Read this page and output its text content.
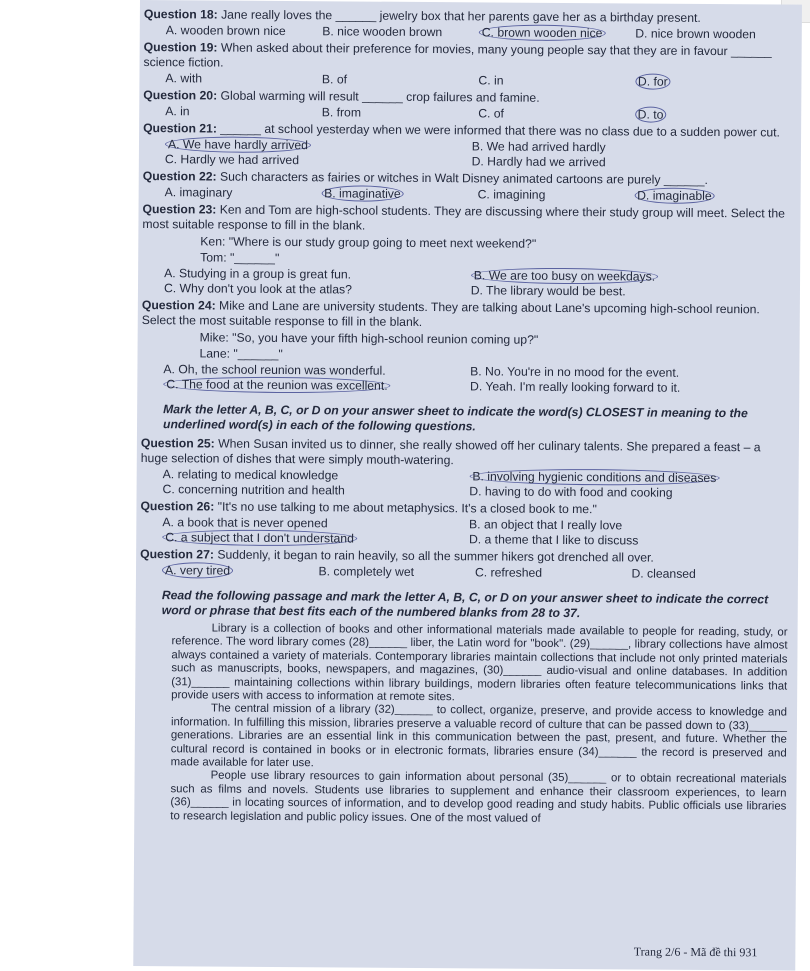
Question 18: Jane really loves the ______ jewelry box that her parents gave her as a birthday present.

A. wooden brown nice	B. nice wooden brown	C. brown wooden nice	D. nice brown wooden

Question 19: When asked about their preference for movies, many young people say that they are in favour ______ science fiction.

A. with	B. of	C. in	D. for

Question 20: Global warming will result ______ crop failures and famine.

A. in	B. from	C. of	D. to

Question 21: ______ at school yesterday when we were informed that there was no class due to a sudden power cut.

A. We have hardly arrived	B. We had arrived hardly
C. Hardly we had arrived	D. Hardly had we arrived

Question 22: Such characters as fairies or witches in Walt Disney animated cartoons are purely ______.

A. imaginary	B. imaginative	C. imagining	D. imaginable

Question 23: Ken and Tom are high-school students. They are discussing where their study group will meet. Select the most suitable response to fill in the blank.

Ken: "Where is our study group going to meet next weekend?"

Tom: "______"

A. Studying in a group is great fun.	B. We are too busy on weekdays.
C. Why don't you look at the atlas?	D. The library would be best.

Question 24: Mike and Lane are university students. They are talking about Lane's upcoming high-school reunion. Select the most suitable response to fill in the blank.

Mike: "So, you have your fifth high-school reunion coming up?"

Lane: "______"

A. Oh, the school reunion was wonderful.	B. No. You're in no mood for the event.
C. The food at the reunion was excellent.	D. Yeah. I'm really looking forward to it.

Mark the letter A, B, C, or D on your answer sheet to indicate the word(s) CLOSEST in meaning to the underlined word(s) in each of the following questions.

Question 25: When Susan invited us to dinner, she really showed off her culinary talents. She prepared a feast – a huge selection of dishes that were simply mouth-watering.

A. relating to medical knowledge	B. involving hygienic conditions and diseases
C. concerning nutrition and health	D. having to do with food and cooking

Question 26: "It's no use talking to me about metaphysics. It's a closed book to me."

A. a book that is never opened	B. an object that I really love
C. a subject that I don't understand	D. a theme that I like to discuss

Question 27: Suddenly, it began to rain heavily, so all the summer hikers got drenched all over.

A. very tired	B. completely wet	C. refreshed	D. cleansed

Read the following passage and mark the letter A, B, C, or D on your answer sheet to indicate the correct word or phrase that best fits each of the numbered blanks from 28 to 37.

Library is a collection of books and other informational materials made available to people for reading, study, or reference. The word library comes (28)______ liber, the Latin word for "book". (29)______, library collections have almost always contained a variety of materials. Contemporary libraries maintain collections that include not only printed materials such as manuscripts, books, newspapers, and magazines, (30)______ audio-visual and online databases. In addition (31)______ maintaining collections within library buildings, modern libraries often feature telecommunications links that provide users with access to information at remote sites.

The central mission of a library (32)______ to collect, organize, preserve, and provide access to knowledge and information. In fulfilling this mission, libraries preserve a valuable record of culture that can be passed down to (33)______ generations. Libraries are an essential link in this communication between the past, present, and future. Whether the cultural record is contained in books or in electronic formats, libraries ensure (34)______ the record is preserved and made available for later use.

People use library resources to gain information about personal (35)______ or to obtain recreational materials such as films and novels. Students use libraries to supplement and enhance their classroom experiences, to learn (36)______ in locating sources of information, and to develop good reading and study habits. Public officials use libraries to research legislation and public policy issues. One of the most valued of

Trang 2/6 - Mã đề thi 931
